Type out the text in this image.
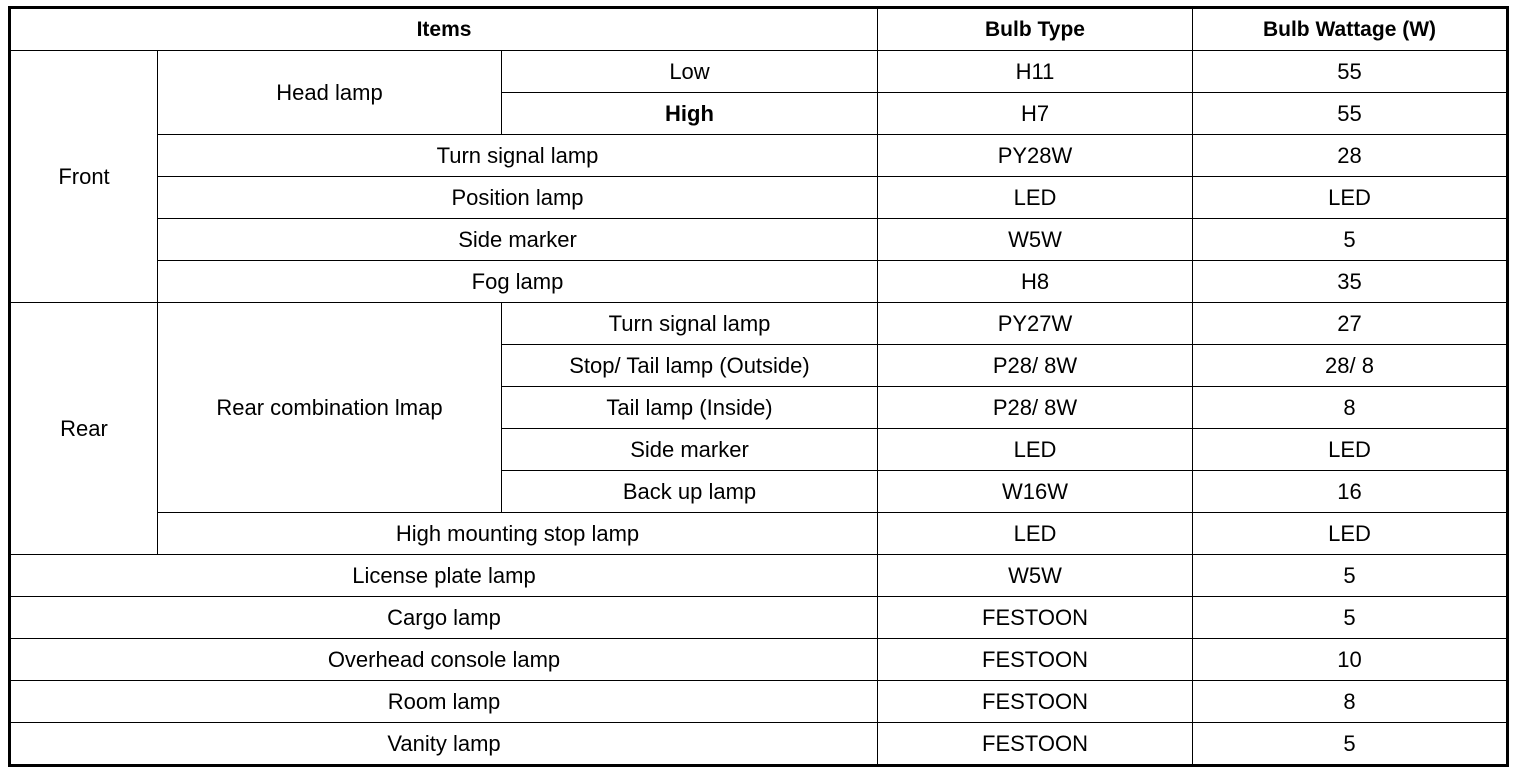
Items			Bulb Type	Bulb Wattage (W)
Front	Head lamp	Low	H11	55
		High	H7	55
	Turn signal lamp		PY28W	28
	Position lamp		LED	LED
	Side marker		W5W	5
	Fog lamp		H8	35
Rear	Rear combination lmap	Turn signal lamp	PY27W	27
		Stop/ Tail lamp (Outside)	P28/ 8W	28/ 8
		Tail lamp (Inside)	P28/ 8W	8
		Side marker	LED	LED
		Back up lamp	W16W	16
	High mounting stop lamp		LED	LED
License plate lamp			W5W	5
Cargo lamp			FESTOON	5
Overhead console lamp			FESTOON	10
Room lamp			FESTOON	8
Vanity lamp			FESTOON	5
